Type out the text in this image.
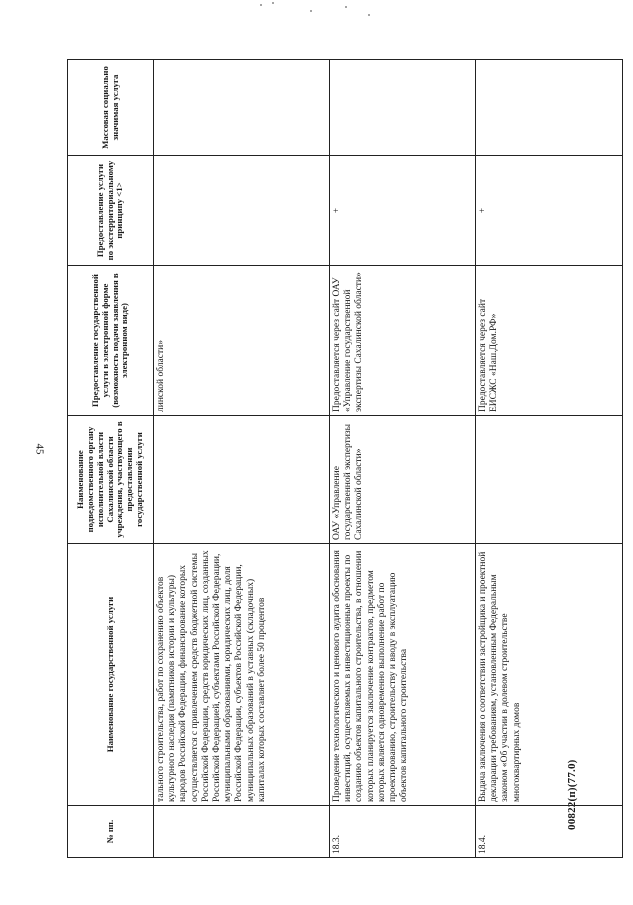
45
00822(п)(77.0)
№ пп.	Наименование государственной услуги	Наименование подведомственного органу исполнительной власти Сахалинской области учреждения, участвующего в предоставлении государственной услуги	Предоставление государственной услуги в электронной форме (возможность подачи заявления в электронном виде)	Предоставление услуги по экстерриториальному принципу <1>	Массовая социально значимая услуга
	тального строительства, работ по сохранению объектов культурного наследия (памятников истории и культуры) народов Российской Федерации, финансирование которых осуществляется с привлечением средств бюджетной системы Российской Федерации, средств юридических лиц, созданных Российской Федерацией, субъектами Российской Федерации, муниципальными образованиями, юридических лиц, доля Российской Федерации, субъектов Российской Федерации, муниципальных образований в уставных (складочных) капиталах которых составляет более 50 процентов		линской области»		
18.3.	Проведение технологического и ценового аудита обоснования инвестиций, осуществляемых в инвестиционные проекты по созданию объектов капитального строительства, в отношении которых планируется заключение контрактов, предметом которых является одновременно выполнение работ по проектированию, строительству и вводу в эксплуатацию объектов капитального строительства	ОАУ «Управление государственной экспертизы Сахалинской области»	Предоставляется через сайт ОАУ «Управление государственной экспертизы Сахалинской области»	+	
18.4.	Выдача заключения о соответствии застройщика и проектной декларации требованиям, установленным Федеральным законом «Об участии в долевом строительстве многоквартирных домов		Предоставляется через сайт ЕИСЖС «Наш.Дом.РФ»	+	
